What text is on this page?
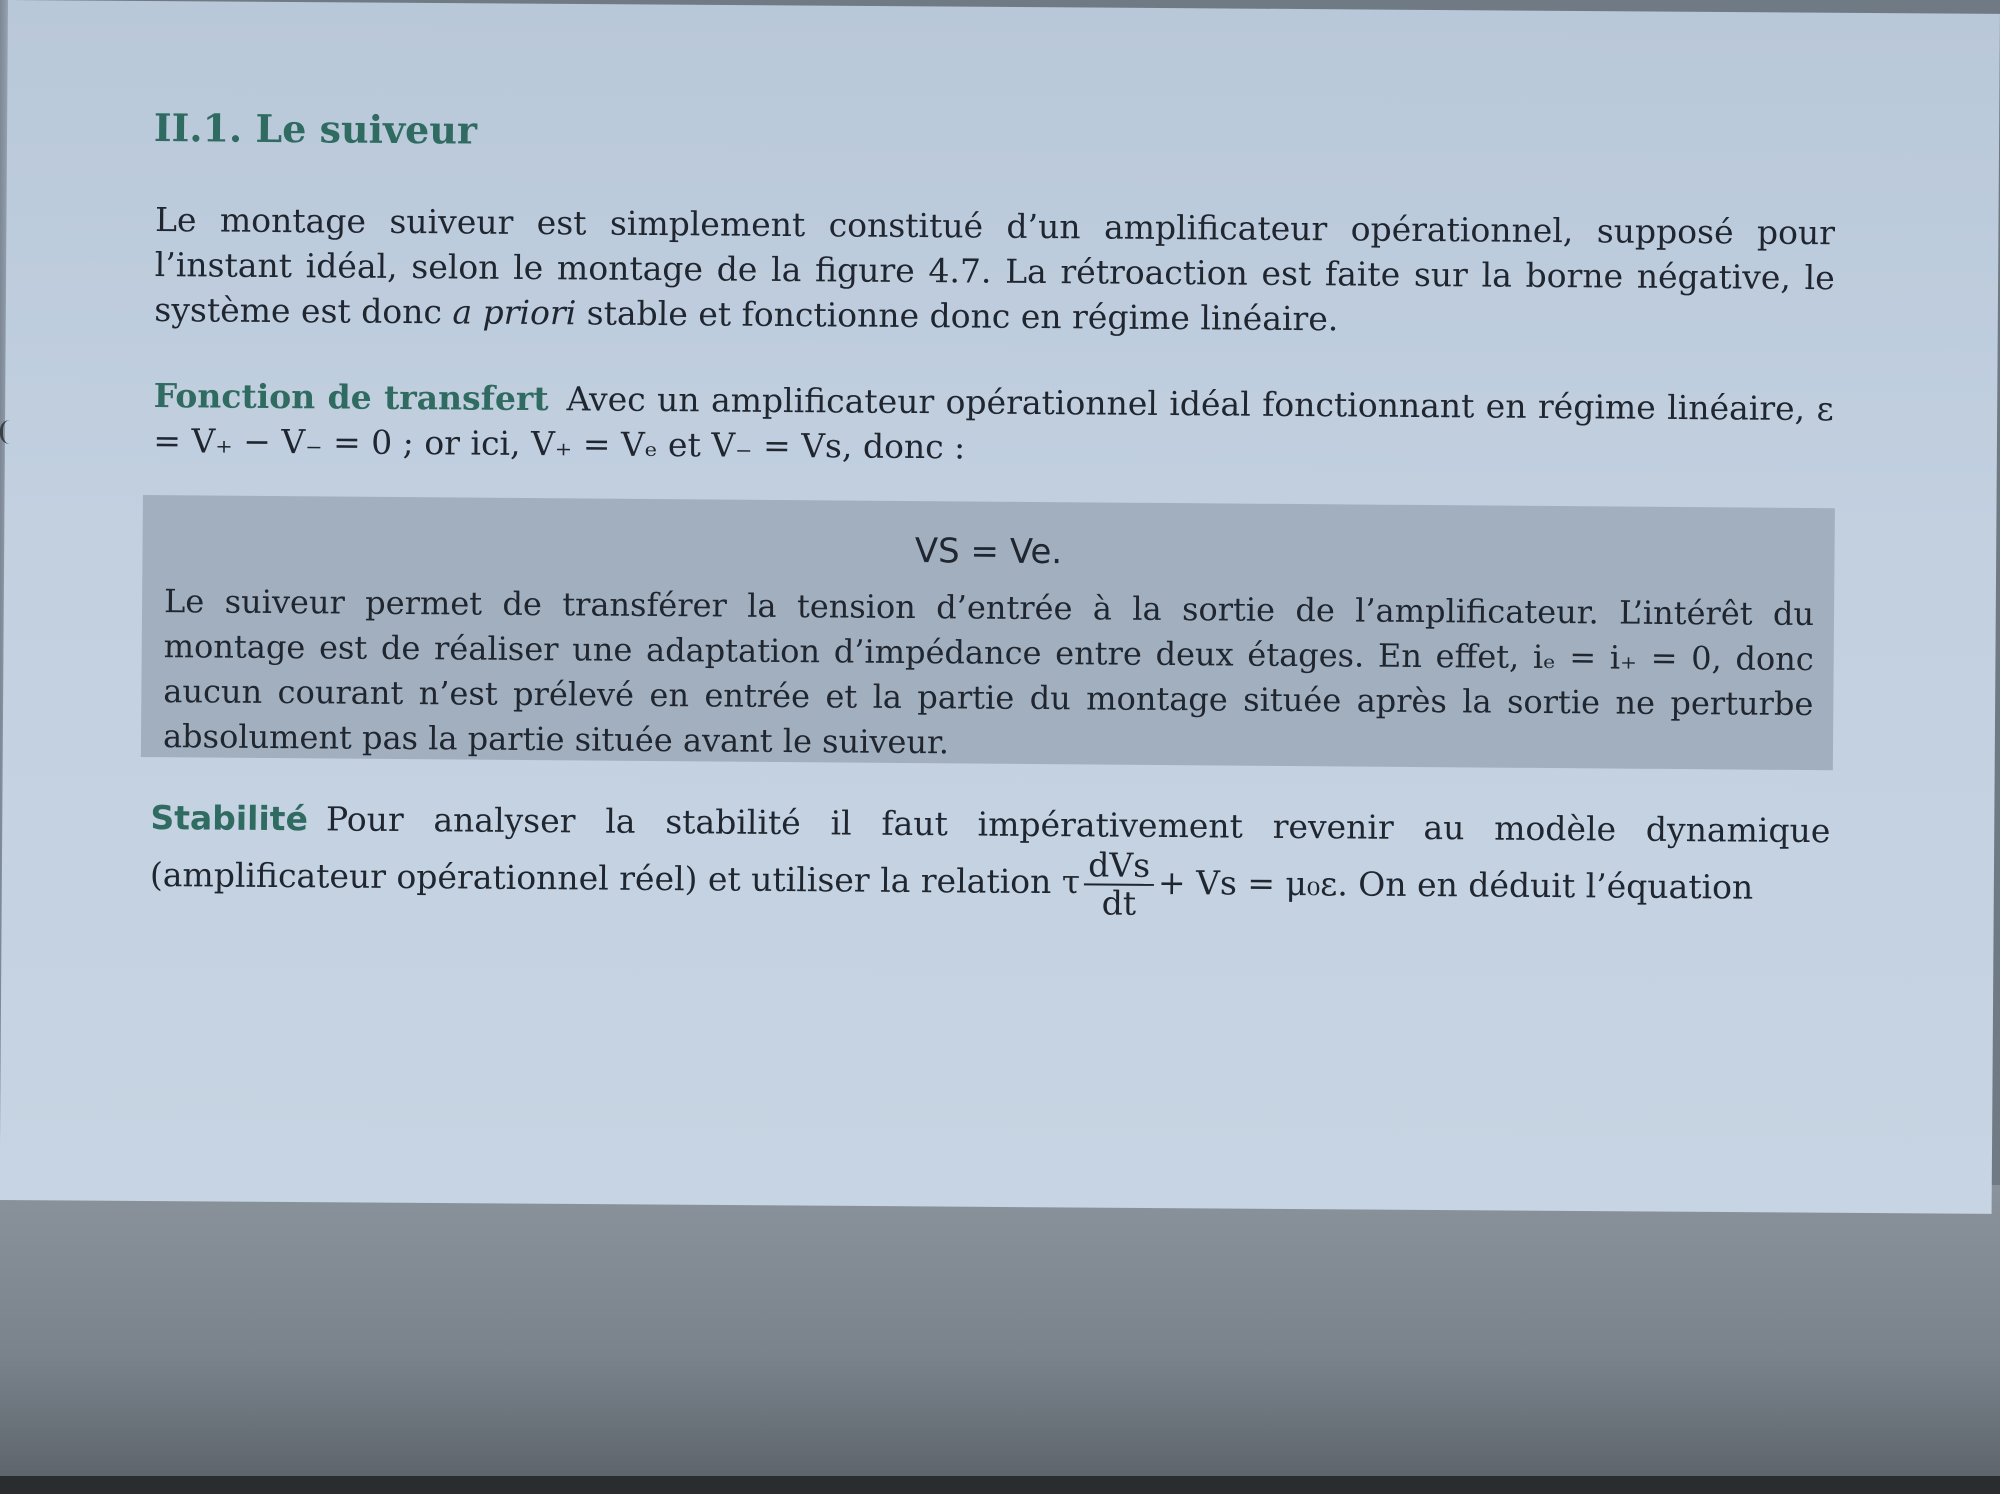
II.1. Le suiveur
Le montage suiveur est simplement constitué d’un amplificateur opérationnel, supposé pour l’instant idéal, selon le montage de la figure 4.7. La rétroaction est faite sur la borne négative, le système est donc a priori stable et fonctionne donc en régime linéaire.
Fonction de transfert Avec un amplificateur opérationnel idéal fonctionnant en régime linéaire, ε = V₊ − V₋ = 0 ; or ici, V₊ = Vₑ et V₋ = Vs, donc :
VS = Ve.
Le suiveur permet de transférer la tension d’entrée à la sortie de l’amplificateur. L’intérêt du montage est de réaliser une adaptation d’impédance entre deux étages. En effet, iₑ = i₊ = 0, donc aucun courant n’est prélevé en entrée et la partie du montage située après la sortie ne perturbe absolument pas la partie située avant le suiveur.
Stabilité Pour analyser la stabilité il faut impérativement revenir au modèle dynamique (amplificateur opérationnel réel) et utiliser la relation τ $\frac{\text{dVs}}{dt} + Vs = \mu_0\varepsilon$. On en déduit l’équation
